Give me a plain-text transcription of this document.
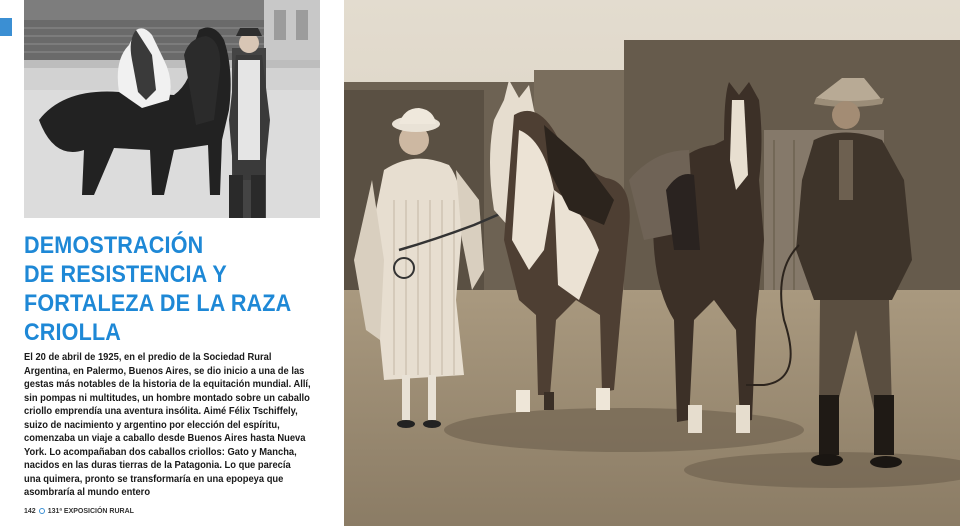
DEMOSTRACIÓN
DE RESISTENCIA Y
FORTALEZA DE LA RAZA
CRIOLLA

El 20 de abril de 1925, en el predio de la Sociedad Rural
Argentina, en Palermo, Buenos Aires, se dio inicio a una de las
gestas más notables de la historia de la equitación mundial. Allí,
sin pompas ni multitudes, un hombre montado sobre un caballo
criollo emprendía una aventura insólita. Aimé Félix Tschiffely,
suizo de nacimiento y argentino por elección del espíritu,
comenzaba un viaje a caballo desde Buenos Aires hasta Nueva
York. Lo acompañaban dos caballos criollos: Gato y Mancha,
nacidos en las duras tierras de la Patagonia. Lo que parecía
una quimera, pronto se transformaría en una epopeya que
asombraría al mundo entero

142 131ª EXPOSICIÓN RURAL
